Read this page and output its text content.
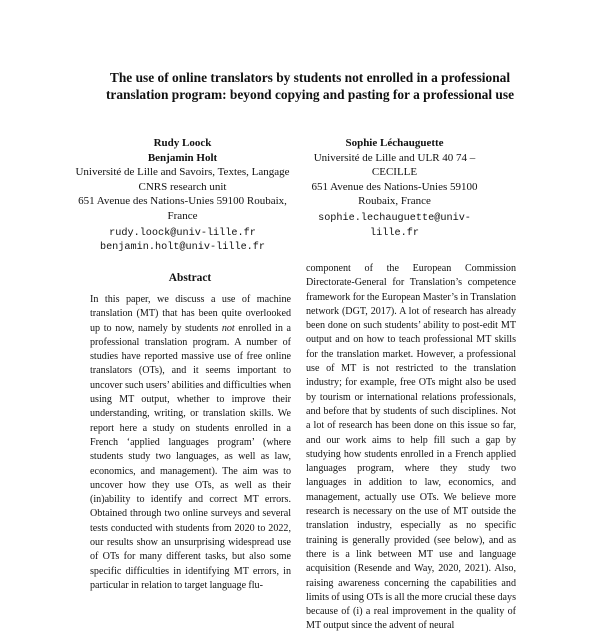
The use of online translators by students not enrolled in a professional translation program: beyond copying and pasting for a professional use
Rudy Loock
Benjamin Holt
Université de Lille and Savoirs, Textes, Langage CNRS research unit
651 Avenue des Nations-Unies 59100 Roubaix, France
rudy.loock@univ-lille.fr
benjamin.holt@univ-lille.fr
Sophie Léchauguette
Université de Lille and ULR 40 74 – CECILLE
651 Avenue des Nations-Unies 59100 Roubaix, France
sophie.lechauguette@univ-lille.fr
Abstract

In this paper, we discuss a use of machine translation (MT) that has been quite overlooked up to now, namely by students not enrolled in a professional translation program. A number of studies have reported massive use of free online translators (OTs), and it seems important to uncover such users’ abilities and difficulties when using MT output, whether to improve their understanding, writing, or translation skills. We report here a study on students enrolled in a French ‘applied languages program’ (where students study two languages, as well as law, economics, and management). The aim was to uncover how they use OTs, as well as their (in)ability to identify and correct MT errors. Obtained through two online surveys and several tests conducted with students from 2020 to 2022, our results show an unsurprising widespread use of OTs for many different tasks, but also some specific difficulties in identifying MT errors, in particular in relation to target language flu-

component of the European Commission Directorate-General for Translation’s competence framework for the European Master’s in Translation network (DGT, 2017). A lot of research has already been done on such students’ ability to post-edit MT output and on how to teach professional MT skills for the translation market. However, a professional use of MT is not restricted to the translation industry; for example, free OTs might also be used by tourism or international relations professionals, and before that by students of such disciplines. Not a lot of research has been done on this issue so far, and our work aims to help fill such a gap by studying how students enrolled in a French applied languages program, where they study two languages in addition to law, economics, and management, actually use OTs. We believe more research is necessary on the use of MT outside the translation industry, especially as no specific training is generally provided (see below), and as there is a link between MT use and language acquisition (Resende and Way, 2020, 2021). Also, raising awareness concerning the capabilities and limits of using OTs is all the more crucial these days because of (i) a real improvement in the quality of MT output since the advent of neural
